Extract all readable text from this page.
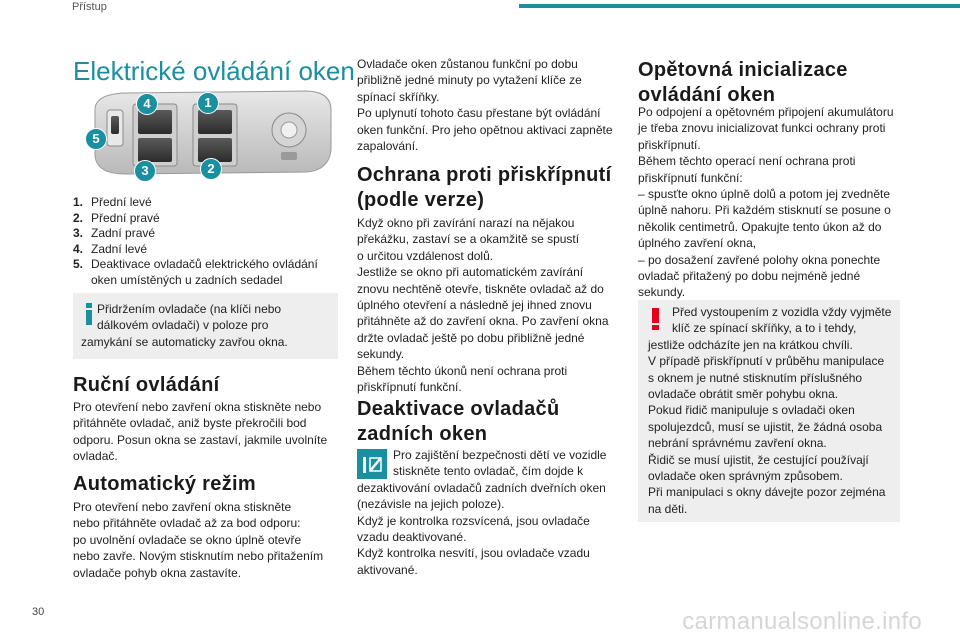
Přístup
Elektrické ovládání oken
4	1
5
3	2
1. Přední levé
2. Přední pravé
3. Zadní pravé
4. Zadní levé
5. Deaktivace ovladačů elektrického ovládání
oken umístěných u zadních sedadel
Přidržením ovladače (na klíči nebo
dálkovém ovladači) v poloze pro
zamykání se automaticky zavřou okna.
Ruční ovládání
Pro otevření nebo zavření okna stiskněte nebo
přitáhněte ovladač, aniž byste překročili bod
odporu. Posun okna se zastaví, jakmile uvolníte
ovladač.
Automatický režim
Pro otevření nebo zavření okna stiskněte
nebo přitáhněte ovladač až za bod odporu:
po uvolnění ovladače se okno úplně otevře
nebo zavře. Novým stisknutím nebo přitažením
ovladače pohyb okna zastavíte.
Ovladače oken zůstanou funkční po dobu
přibližně jedné minuty po vytažení klíče ze
spínací skříňky.
Po uplynutí tohoto času přestane být ovládání
oken funkční. Pro jeho opětnou aktivaci zapněte
zapalování.
Ochrana proti přiskřípnutí
(podle verze)
Když okno při zavírání narazí na nějakou
překážku, zastaví se a okamžitě se spustí
o určitou vzdálenost dolů.
Jestliže se okno při automatickém zavírání
znovu nechtěně otevře, tiskněte ovladač až do
úplného otevření a následně jej ihned znovu
přitáhněte až do zavření okna. Po zavření okna
držte ovladač ještě po dobu přibližně jedné
sekundy.
Během těchto úkonů není ochrana proti
přiskřípnutí funkční.
Deaktivace ovladačů
zadních oken
Pro zajištění bezpečnosti dětí ve vozidle
stiskněte tento ovladač, čím dojde k
dezaktivování ovladačů zadních dveřních oken
(nezávisle na jejich poloze).
Když je kontrolka rozsvícená, jsou ovladače
vzadu deaktivované.
Když kontrolka nesvítí, jsou ovladače vzadu
aktivované.
Opětovná inicializace
ovládání oken
Po odpojení a opětovném připojení akumulátoru
je třeba znovu inicializovat funkci ochrany proti
přiskřípnutí.
Během těchto operací není ochrana proti
přiskřípnutí funkční:
– spusťte okno úplně dolů a potom jej zvedněte
úplně nahoru. Při každém stisknutí se posune o
několik centimetrů. Opakujte tento úkon až do
úplného zavření okna,
– po dosažení zavřené polohy okna ponechte
ovladač přitažený po dobu nejméně jedné
sekundy.
Před vystoupením z vozidla vždy vyjměte
klíč ze spínací skříňky, a to i tehdy,
jestliže odcházíte jen na krátkou chvíli.
V případě přiskřípnutí v průběhu manipulace
s oknem je nutné stisknutím příslušného
ovladače obrátit směr pohybu okna.
Pokud řidič manipuluje s ovladači oken
spolujezdců, musí se ujistit, že žádná osoba
nebrání správnému zavření okna.
Řidič se musí ujistit, že cestující používají
ovladače oken správným způsobem.
Při manipulaci s okny dávejte pozor zejména
na děti.
30	carmanualsonline.info
